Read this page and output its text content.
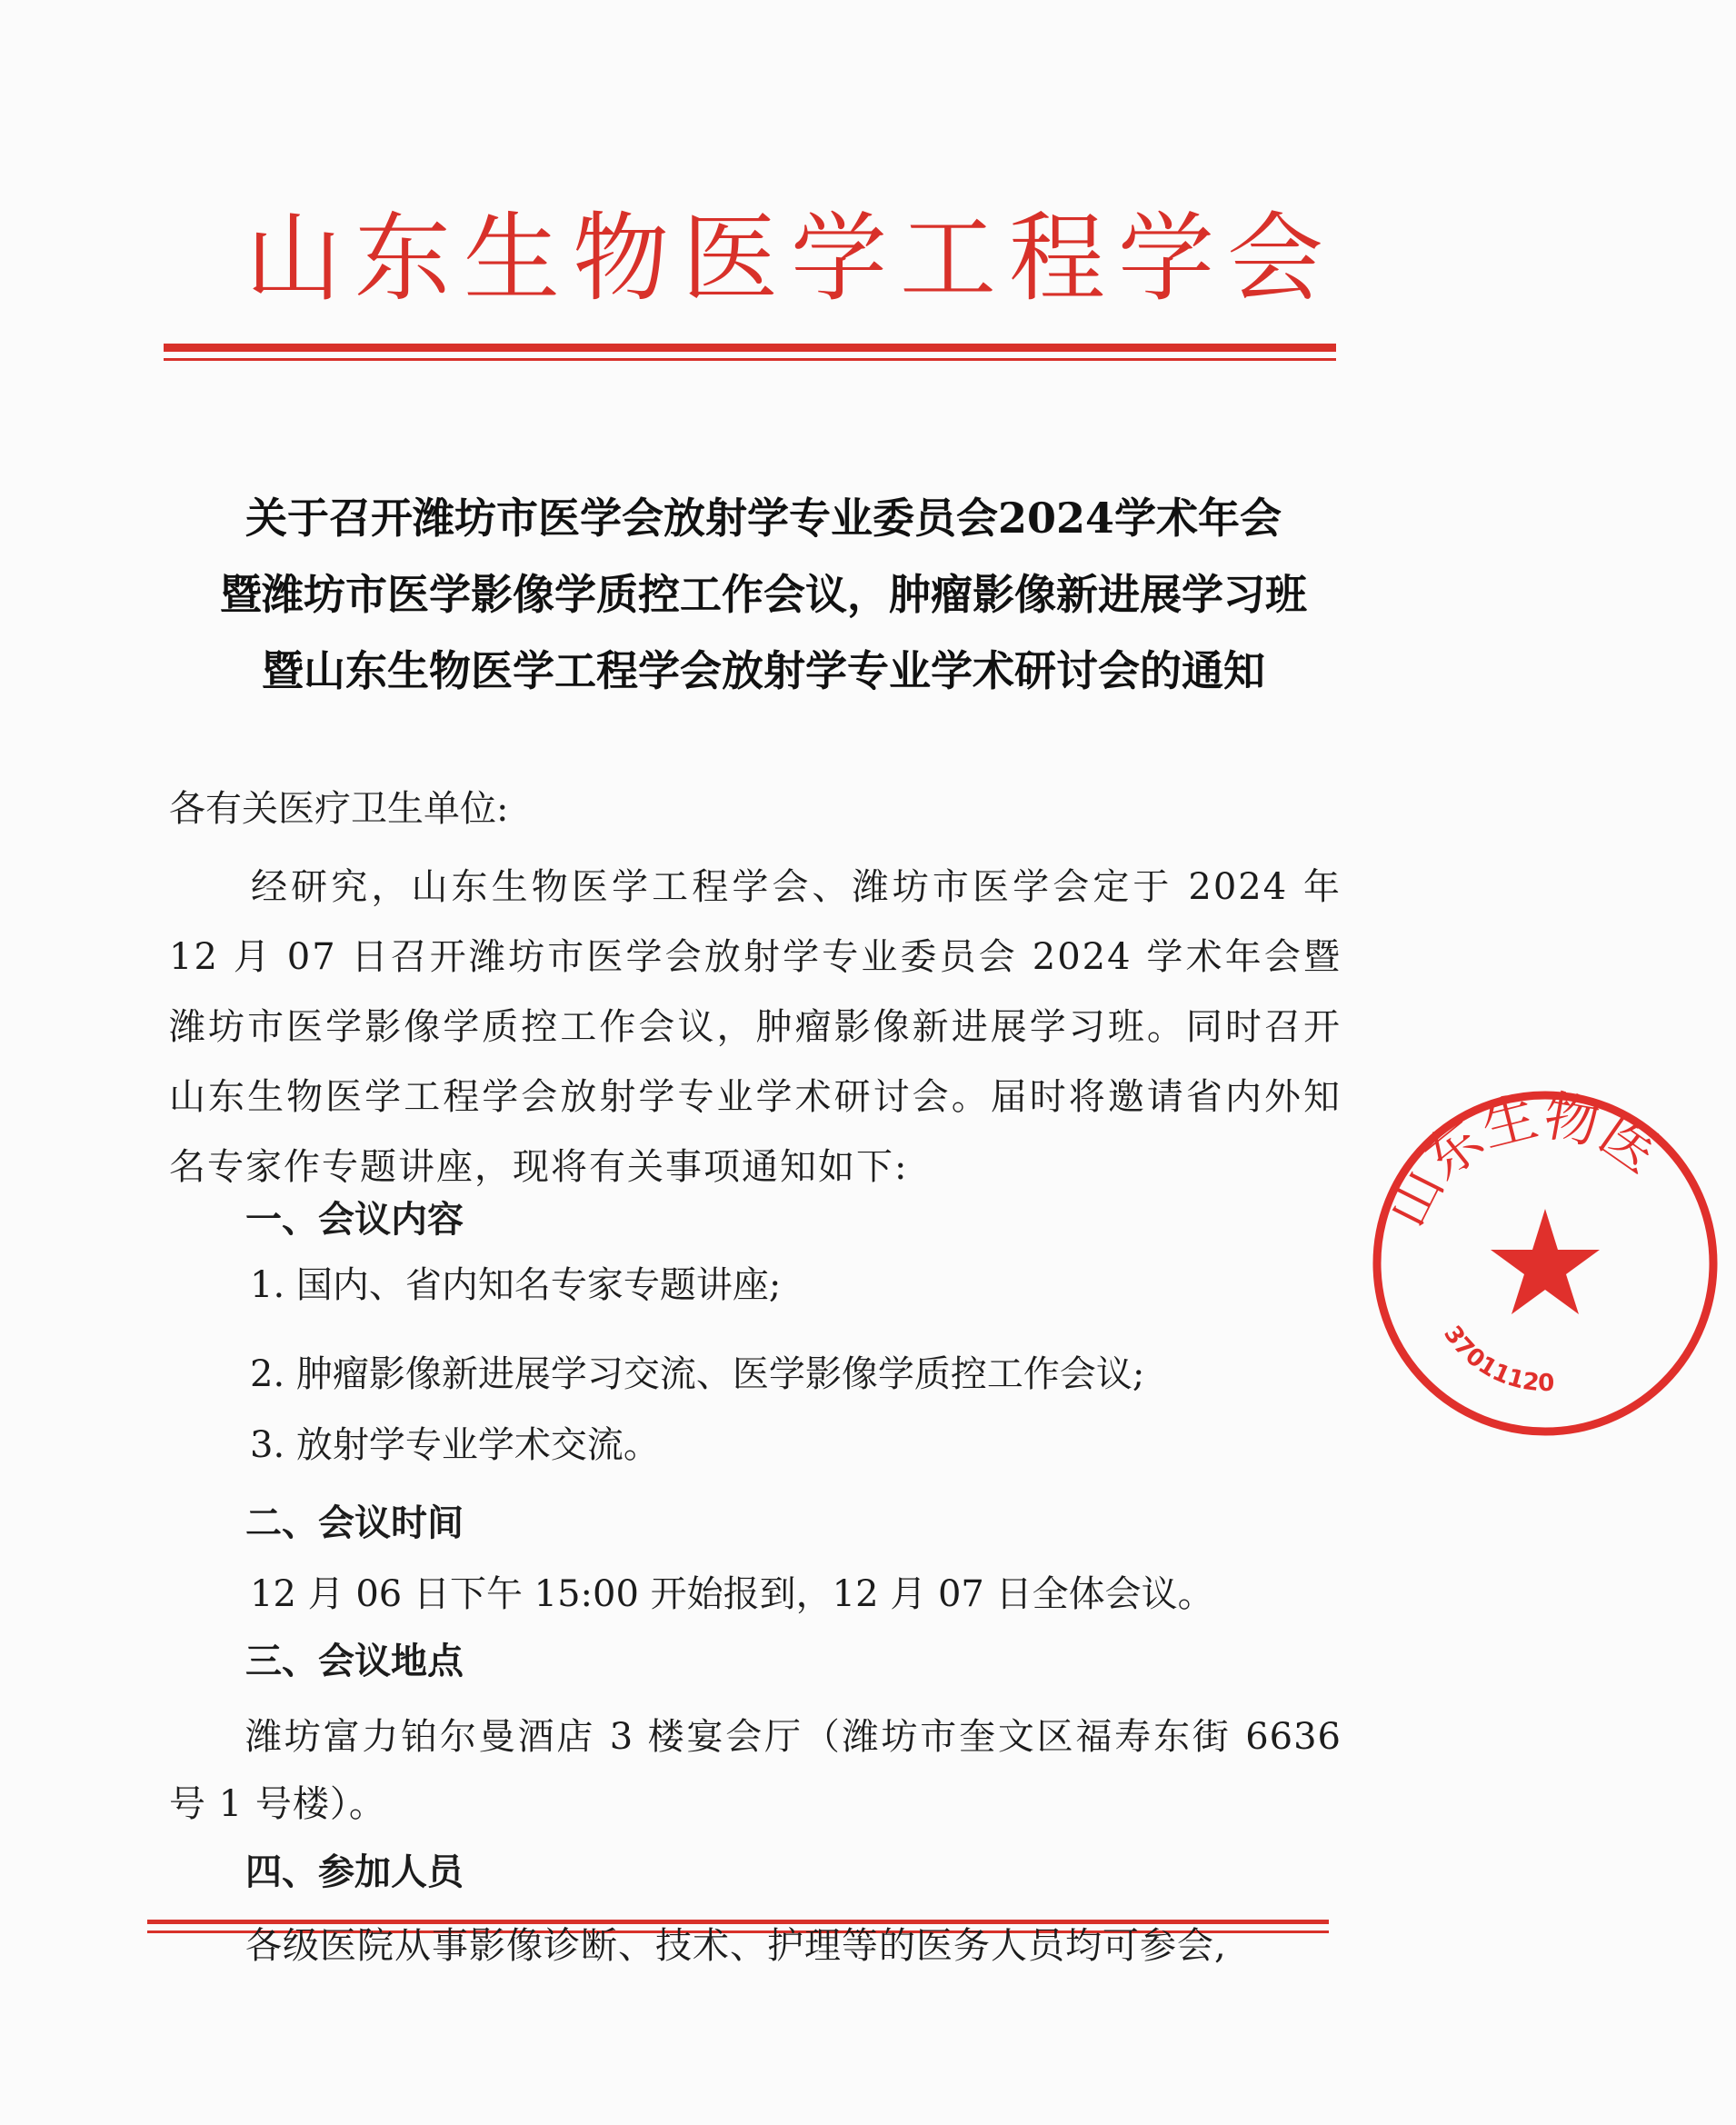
山东生物医学工程学会
关于召开潍坊市医学会放射学专业委员会2024学术年会
暨潍坊市医学影像学质控工作会议，肿瘤影像新进展学习班
暨山东生物医学工程学会放射学专业学术研讨会的通知
各有关医疗卫生单位:
经研究，山东生物医学工程学会、潍坊市医学会定于 2024 年 12 月 07 日召开潍坊市医学会放射学专业委员会 2024 学术年会暨潍坊市医学影像学质控工作会议，肿瘤影像新进展学习班。同时召开山东生物医学工程学会放射学专业学术研讨会。届时将邀请省内外知名专家作专题讲座，现将有关事项通知如下:
一、会议内容
1. 国内、省内知名专家专题讲座;
2. 肿瘤影像新进展学习交流、医学影像学质控工作会议;
3. 放射学专业学术交流。
二、会议时间
12 月 06 日下午 15:00 开始报到，12 月 07 日全体会议。
三、会议地点
潍坊富力铂尔曼酒店 3 楼宴会厅（潍坊市奎文区福寿东街 6636 号 1 号楼）。
四、参加人员
各级医院从事影像诊断、技术、护理等的医务人员均可参会,
山东生物医
37011120
